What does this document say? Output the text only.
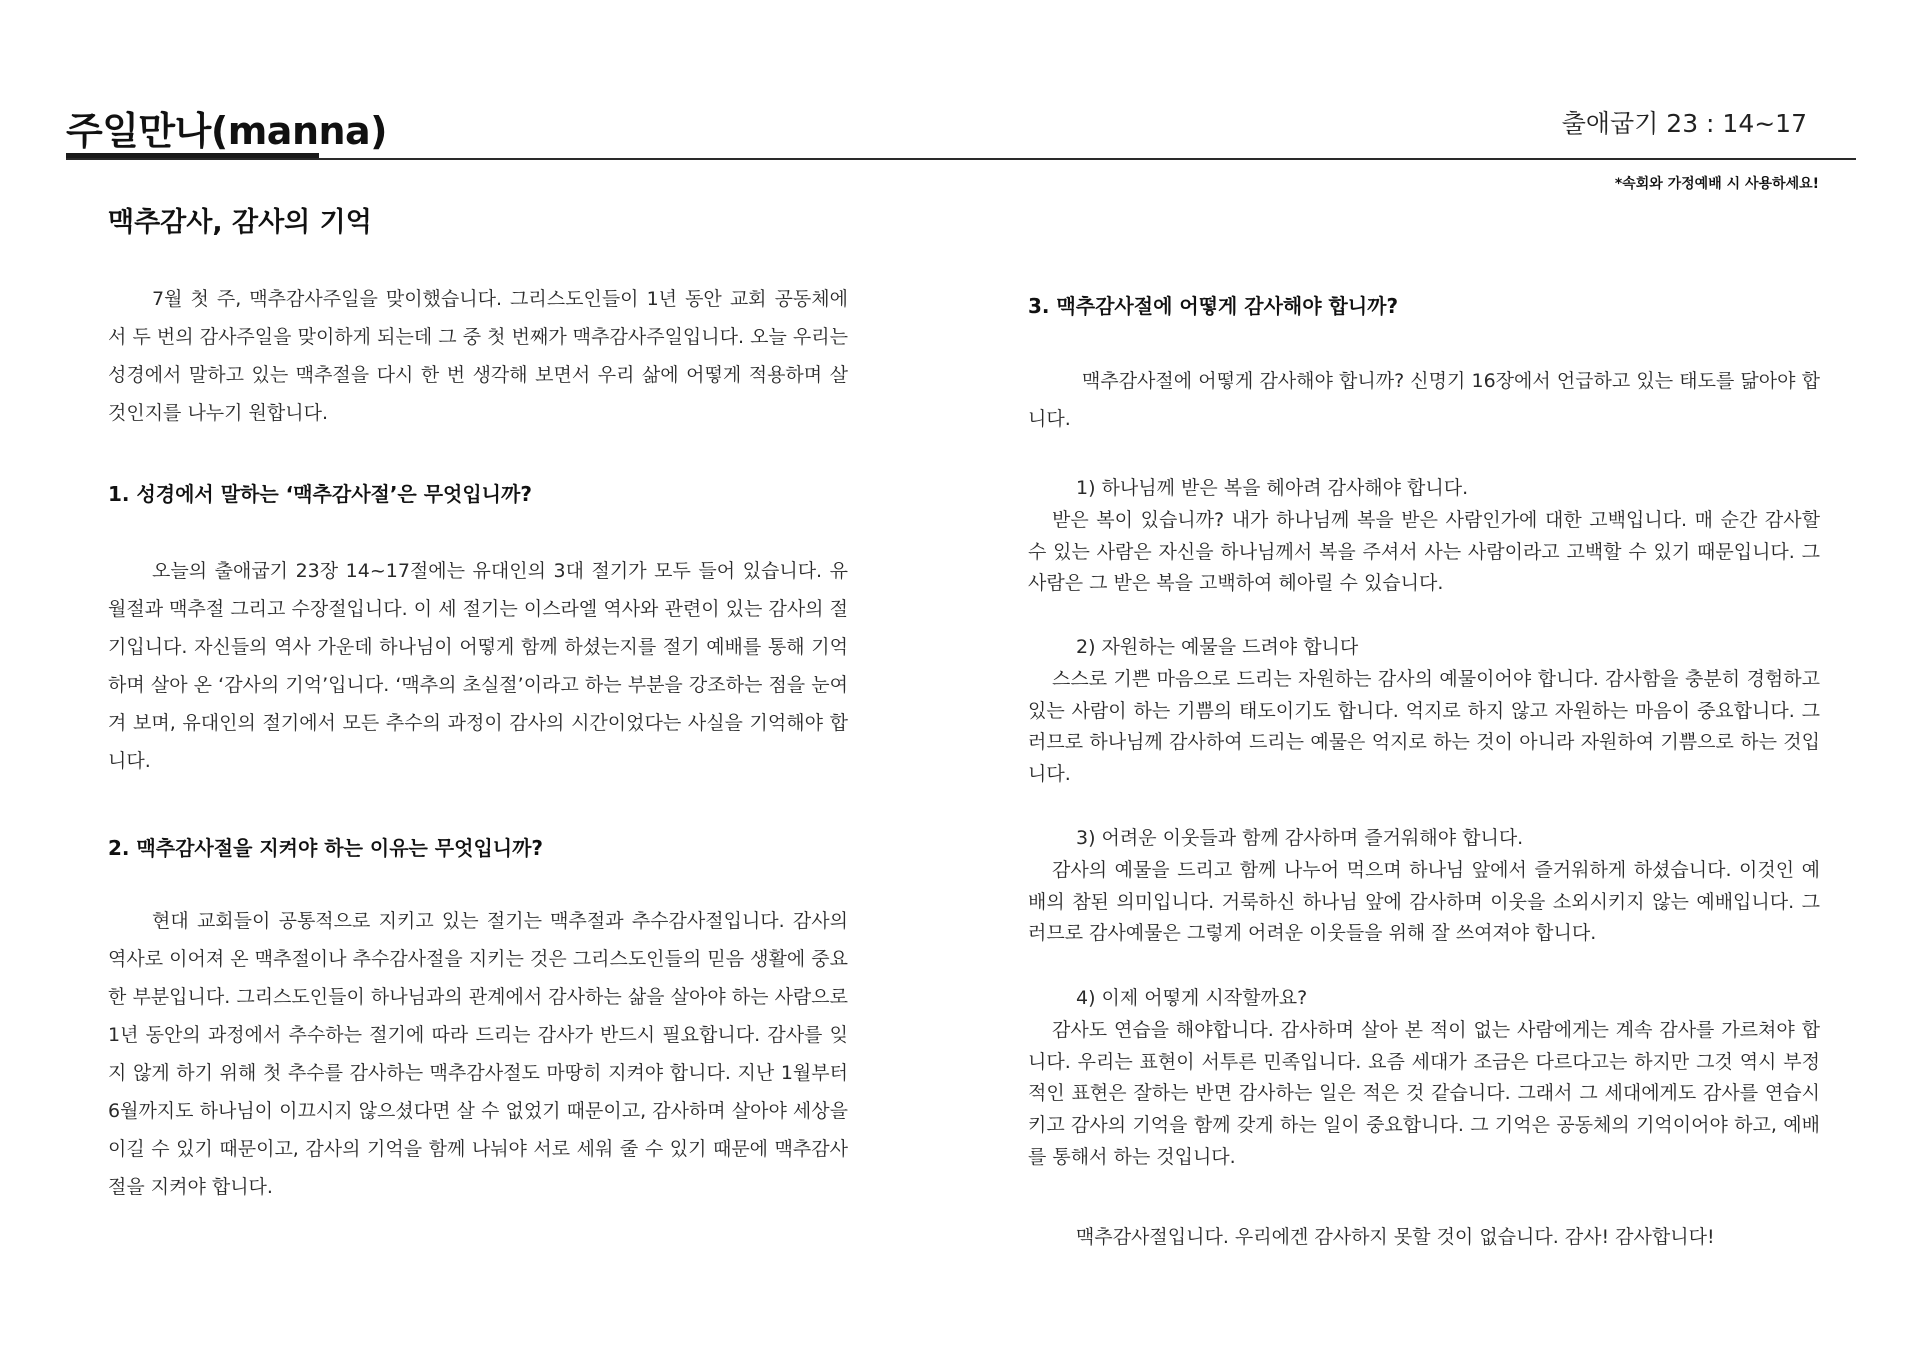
주일만나(manna)	출애굽기 23 : 14~17
*속회와 가정예배 시 사용하세요!
맥추감사, 감사의 기억
7월 첫 주, 맥추감사주일을 맞이했습니다. 그리스도인들이 1년 동안 교회 공동체에서 두 번의 감사주일을 맞이하게 되는데 그 중 첫 번째가 맥추감사주일입니다. 오늘 우리는 성경에서 말하고 있는 맥추절을 다시 한 번 생각해 보면서 우리 삶에 어떻게 적용하며 살 것인지를 나누기 원합니다.
1. 성경에서 말하는 ‘맥추감사절’은 무엇입니까?
오늘의 출애굽기 23장 14~17절에는 유대인의 3대 절기가 모두 들어 있습니다. 유월절과 맥추절 그리고 수장절입니다. 이 세 절기는 이스라엘 역사와 관련이 있는 감사의 절기입니다. 자신들의 역사 가운데 하나님이 어떻게 함께 하셨는지를 절기 예배를 통해 기억하며 살아 온 ‘감사의 기억’입니다. ‘맥추의 초실절’이라고 하는 부분을 강조하는 점을 눈여겨 보며, 유대인의 절기에서 모든 추수의 과정이 감사의 시간이었다는 사실을 기억해야 합니다.
2. 맥추감사절을 지켜야 하는 이유는 무엇입니까?
현대 교회들이 공통적으로 지키고 있는 절기는 맥추절과 추수감사절입니다. 감사의 역사로 이어져 온 맥추절이나 추수감사절을 지키는 것은 그리스도인들의 믿음 생활에 중요한 부분입니다. 그리스도인들이 하나님과의 관계에서 감사하는 삶을 살아야 하는 사람으로 1년 동안의 과정에서 추수하는 절기에 따라 드리는 감사가 반드시 필요합니다. 감사를 잊지 않게 하기 위해 첫 추수를 감사하는 맥추감사절도 마땅히 지켜야 합니다. 지난 1월부터 6월까지도 하나님이 이끄시지 않으셨다면 살 수 없었기 때문이고, 감사하며 살아야 세상을 이길 수 있기 때문이고, 감사의 기억을 함께 나눠야 서로 세워 줄 수 있기 때문에 맥추감사절을 지켜야 합니다.
3. 맥추감사절에 어떻게 감사해야 합니까?
맥추감사절에 어떻게 감사해야 합니까? 신명기 16장에서 언급하고 있는 태도를 닮아야 합니다.
1) 하나님께 받은 복을 헤아려 감사해야 합니다.
받은 복이 있습니까? 내가 하나님께 복을 받은 사람인가에 대한 고백입니다. 매 순간 감사할 수 있는 사람은 자신을 하나님께서 복을 주셔서 사는 사람이라고 고백할 수 있기 때문입니다. 그 사람은 그 받은 복을 고백하여 헤아릴 수 있습니다.
2) 자원하는 예물을 드려야 합니다
스스로 기쁜 마음으로 드리는 자원하는 감사의 예물이어야 합니다. 감사함을 충분히 경험하고 있는 사람이 하는 기쁨의 태도이기도 합니다. 억지로 하지 않고 자원하는 마음이 중요합니다. 그러므로 하나님께 감사하여 드리는 예물은 억지로 하는 것이 아니라 자원하여 기쁨으로 하는 것입니다.
3) 어려운 이웃들과 함께 감사하며 즐거워해야 합니다.
감사의 예물을 드리고 함께 나누어 먹으며 하나님 앞에서 즐거워하게 하셨습니다. 이것인 예배의 참된 의미입니다. 거룩하신 하나님 앞에 감사하며 이웃을 소외시키지 않는 예배입니다. 그러므로 감사예물은 그렇게 어려운 이웃들을 위해 잘 쓰여져야 합니다.
4) 이제 어떻게 시작할까요?
감사도 연습을 해야합니다. 감사하며 살아 본 적이 없는 사람에게는 계속 감사를 가르쳐야 합니다. 우리는 표현이 서투른 민족입니다. 요즘 세대가 조금은 다르다고는 하지만 그것 역시 부정적인 표현은 잘하는 반면 감사하는 일은 적은 것 같습니다. 그래서 그 세대에게도 감사를 연습시키고 감사의 기억을 함께 갖게 하는 일이 중요합니다. 그 기억은 공동체의 기억이어야 하고, 예배를 통해서 하는 것입니다.
맥추감사절입니다. 우리에겐 감사하지 못할 것이 없습니다. 감사! 감사합니다!
